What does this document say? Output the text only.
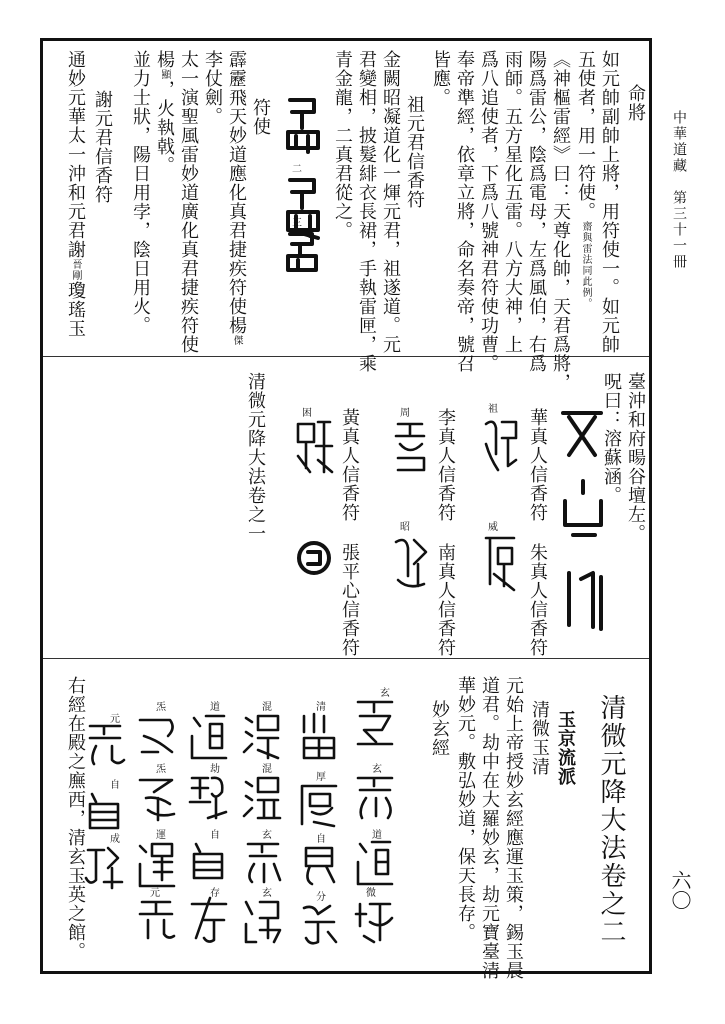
中華道藏　第三十一冊
六〇
命將
如元帥副帥上將，用符使一。如元帥
五使者，用一符使。齋與雷法同此例。
《神樞雷經》曰：天尊化帥，天君爲將，
陽爲雷公，陰爲電母，左爲風伯，右爲
雨師。五方星化五雷。八方大神，上
爲八追使者，下爲八號神君符使功曹。
奉帝準經，依章立將，命名奏帝，號召
皆應。
祖元君信香符
金闕昭凝道化一煇元君，祖遂道。元
君變相，披髮緋衣長裙，手執雷匣，乘
青金龍，二真君從之。
二
三
符使
霹靂飛天妙道應化真君捷疾符使楊傑
李仗劍。
太一演聖風雷妙道廣化真君捷疾符使
楊顯，火執戟。
並力士狀，陽日用孛，陰日用火。
謝元君信香符
通妙元華太一沖和元君謝晉剛瓊瑤玉
臺沖和府暘谷壇左。
呪曰：溶蘇涵。
華真人信香符
祖
朱真人信香符
威
李真人信香符
周
南真人信香符
昭
黃真人信香符
困
張平心信香符
清微元降大法卷之一
清微元降大法卷之二
玉京流派
清微玉清
元始上帝授妙玄經應運玉策，錫玉晨
道君。劫中在大羅妙玄，劫元寶臺清
華妙元。敷弘妙道，保天長存。
妙玄經
玄
玄
道
微
清
厚
自
分
混
混
玄
玄
道
劫
自
存
炁
炁
運
元
元
自
成
右經在殿之廡西，清玄玉英之館。
